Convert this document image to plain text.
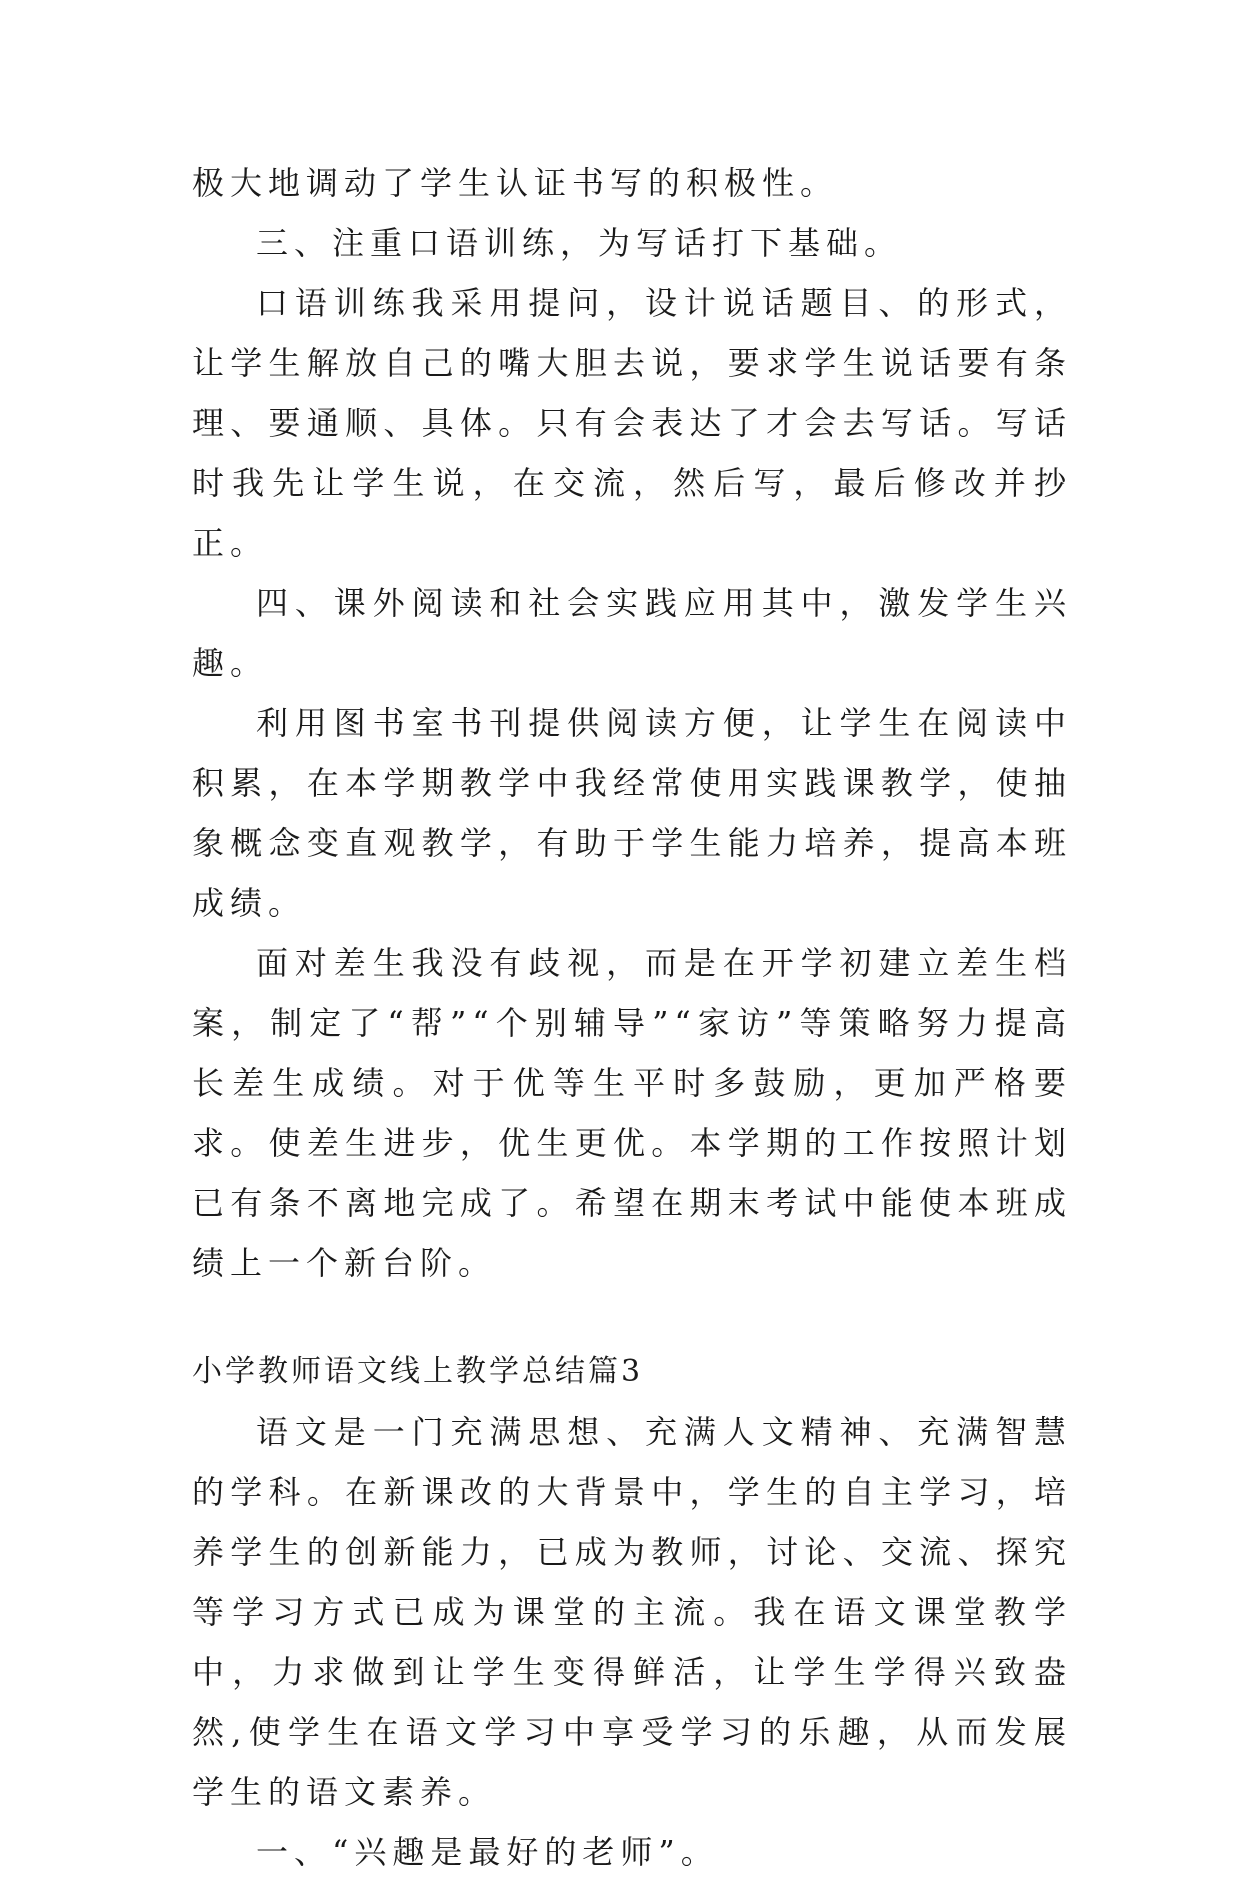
极大地调动了学生认证书写的积极性。

三、注重口语训练，为写话打下基础。

口语训练我采用提问，设计说话题目、的形式，让学生解放自己的嘴大胆去说，要求学生说话要有条理、要通顺、具体。只有会表达了才会去写话。写话时我先让学生说，在交流，然后写，最后修改并抄正。

四、课外阅读和社会实践应用其中，激发学生兴趣。

利用图书室书刊提供阅读方便，让学生在阅读中积累，在本学期教学中我经常使用实践课教学，使抽象概念变直观教学，有助于学生能力培养，提高本班成绩。

面对差生我没有歧视，而是在开学初建立差生档案，制定了“帮”“个别辅导”“家访”等策略努力提高长差生成绩。对于优等生平时多鼓励，更加严格要求。使差生进步，优生更优。本学期的工作按照计划已有条不离地完成了。希望在期末考试中能使本班成绩上一个新台阶。

小学教师语文线上教学总结篇3

语文是一门充满思想、充满人文精神、充满智慧的学科。在新课改的大背景中，学生的自主学习，培养学生的创新能力，已成为教师，讨论、交流、探究等学习方式已成为课堂的主流。我在语文课堂教学中，力求做到让学生变得鲜活，让学生学得兴致盎然,使学生在语文学习中享受学习的乐趣，从而发展学生的语文素养。

一、“兴趣是最好的老师”。
